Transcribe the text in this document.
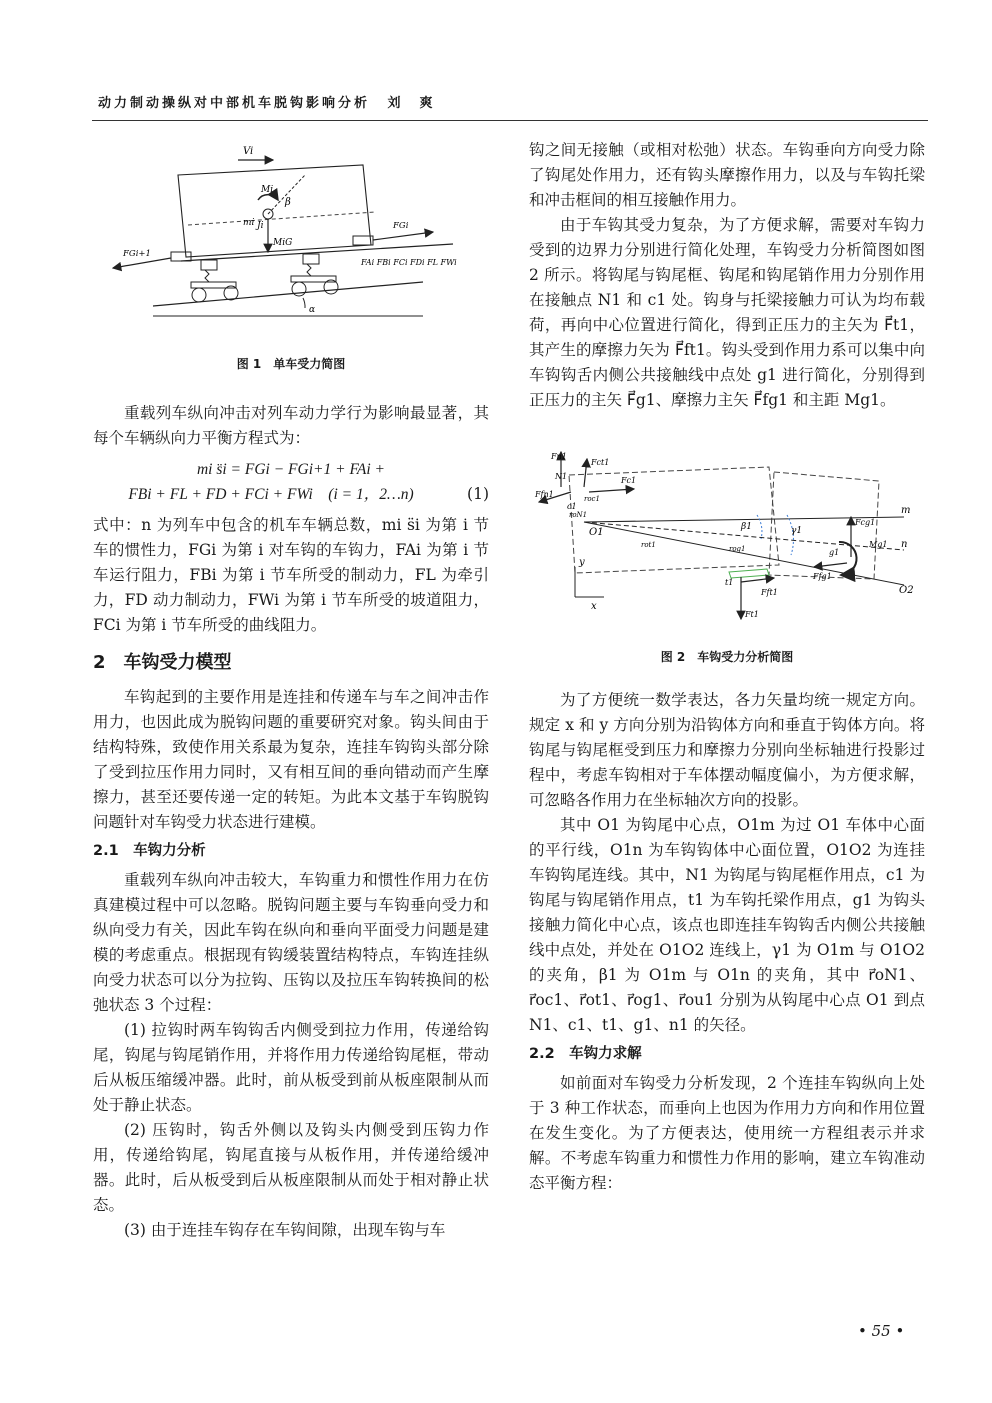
动力制动操纵对中部机车脱钩影响分析 刘　爽
Vi
Mi
β
mi Ji
MiG
FGi+1
FGi
FAi FBi FCi FDi FL FWi
α
图 1　单车受力简图

重载列车纵向冲击对列车动力学行为影响最显著，其每个车辆纵向力平衡方程式为：

mi s̈i = FGi − FGi+1 + FAi +
FBi + FL + FD + FCi + FWi　(i = 1，2…n)	(1)

式中：n 为列车中包含的机车车辆总数，mi s̈i 为第 i 节车的惯性力，FGi 为第 i 对车钩的车钩力，FAi 为第 i 节车运行阻力，FBi 为第 i 节车所受的制动力，FL 为牵引力，FD 动力制动力，FWi 为第 i 节车所受的坡道阻力，FCi 为第 i 节车所受的曲线阻力。

2　车钩受力模型

车钩起到的主要作用是连挂和传递车与车之间冲击作用力，也因此成为脱钩问题的重要研究对象。钩头间由于结构特殊，致使作用关系最为复杂，连挂车钩钩头部分除了受到拉压作用力同时，又有相互间的垂向错动而产生摩擦力，甚至还要传递一定的转矩。为此本文基于车钩脱钩问题针对车钩受力状态进行建模。

2.1　车钩力分析

重载列车纵向冲击较大，车钩重力和惯性作用力在仿真建模过程中可以忽略。脱钩问题主要与车钩垂向受力和纵向受力有关，因此车钩在纵向和垂向平面受力问题是建模的考虑重点。根据现有钩缓装置结构特点，车钩连挂纵向受力状态可以分为拉钩、压钩以及拉压车钩转换间的松弛状态 3 个过程：

(1) 拉钩时两车钩钩舌内侧受到拉力作用，传递给钩尾，钩尾与钩尾销作用，并将作用力传递给钩尾框，带动后从板压缩缓冲器。此时，前从板受到前从板座限制从而处于静止状态。

(2) 压钩时，钩舌外侧以及钩头内侧受到压钩力作用，传递给钩尾，钩尾直接与从板作用，并传递给缓冲器。此时，后从板受到后从板座限制从而处于相对静止状态。

(3) 由于连挂车钩存在车钩间隙，出现车钩与车

钩之间无接触（或相对松弛）状态。车钩垂向方向受力除了钩尾处作用力，还有钩头摩擦作用力，以及与车钩托梁和冲击框间的相互接触作用力。

由于车钩其受力复杂，为了方便求解，需要对车钩力受到的边界力分别进行简化处理，车钩受力分析简图如图 2 所示。将钩尾与钩尾框、钩尾和钩尾销作用力分别作用在接触点 N1 和 c1 处。钩身与托梁接触力可认为均布载荷，再向中心位置进行简化，得到正压力的主矢为 F⃗t1，其产生的摩擦力矢为 F⃗ft1。钩头受到作用力系可以集中向车钩钩舌内侧公共接触线中点处 g1 进行简化，分别得到正压力的主矢 F⃗g1、摩擦力主矢 F⃗fg1 和主距 Mg1。

m
n
O2
O1
y
x
Fn1
N1
Ffn1
Fct1
Fc1
c1
roc1
roN1
rot1	rog1
β1	γ1
Fcg1
g1
Mg1
Ffg1
Ft1
t1
Fft1
图 2　车钩受力分析简图

为了方便统一数学表达，各力矢量均统一规定方向。规定 x 和 y 方向分别为沿钩体方向和垂直于钩体方向。将钩尾与钩尾框受到压力和摩擦力分别向坐标轴进行投影过程中，考虑车钩相对于车体摆动幅度偏小，为方便求解，可忽略各作用力在坐标轴次方向的投影。

其中 O1 为钩尾中心点，O1m 为过 O1 车体中心面的平行线，O1n 为车钩钩体中心面位置，O1O2 为连挂车钩钩尾连线。其中，N1 为钩尾与钩尾框作用点，c1 为钩尾与钩尾销作用点，t1 为车钩托梁作用点，g1 为钩头接触力简化中心点，该点也即连挂车钩钩舌内侧公共接触线中点处，并处在 O1O2 连线上，γ1 为 O1m 与 O1O2 的夹角，β1 为 O1m 与 O1n 的夹角，其中 r⃗oN1、r⃗oc1、r⃗ot1、r⃗og1、r⃗ou1 分别为从钩尾中心点 O1 到点 N1、c1、t1、g1、n1 的矢径。

2.2　车钩力求解

如前面对车钩受力分析发现，2 个连挂车钩纵向上处于 3 种工作状态，而垂向上也因为作用力方向和作用位置在发生变化。为了方便表达，使用统一方程组表示并求解。不考虑车钩重力和惯性力作用的影响，建立车钩准动态平衡方程：

• 55 •
